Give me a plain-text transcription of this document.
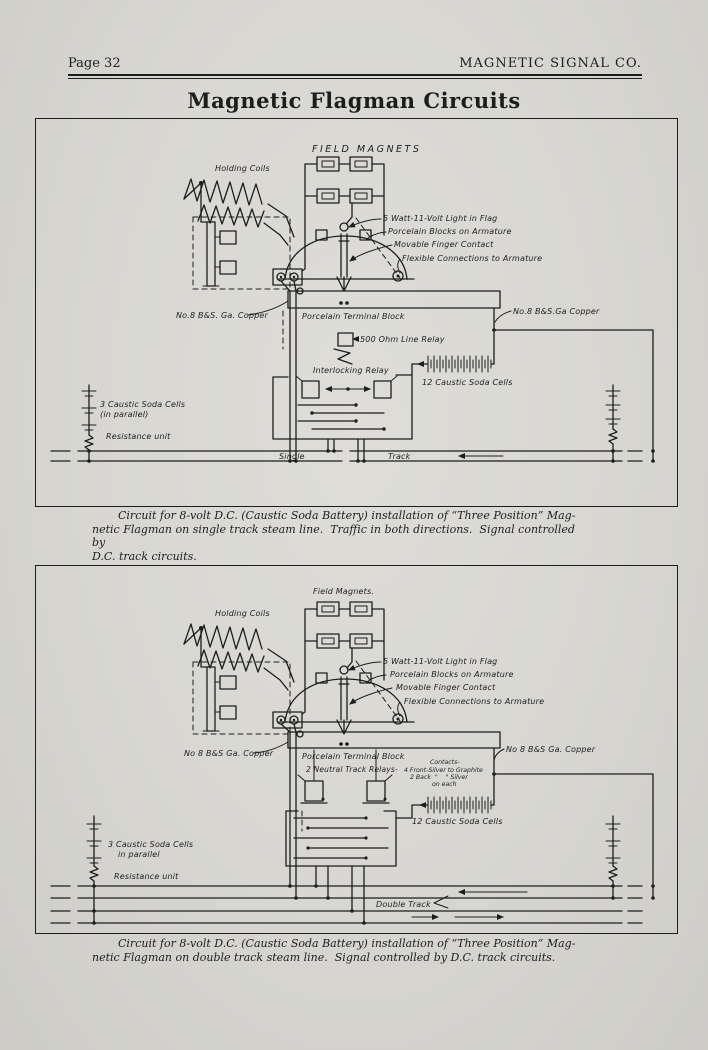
Page 32	MAGNETIC SIGNAL CO.
Magnetic Flagman Circuits
FIELD MAGNETS
Holding Coils
5 Watt-11-Volt Light in Flag
Porcelain Blocks on Armature
Movable Finger Contact
Flexible Connections to Armature
Porcelain Terminal Block
No.8 B&S. Ga. Copper	No.8 B&S.Ga Copper
500 Ohm Line Relay
Interlocking Relay
12 Caustic Soda Cells
3 Caustic Soda Cells
(in parallel)
Resistance unit
Single	Track
Circuit for 8-volt D.C. (Caustic Soda Battery) installation of “Three Position” Mag-
netic Flagman on single track steam line.  Traffic in both directions.  Signal controlled by
D.C. track circuits.
Field Magnets.
Holding Coils
5 Watt-11-Volt Light in Flag
Porcelain Blocks on Armature
Movable Finger Contact
Flexible Connections to Armature
Porcelain Terminal Block
No 8 B&S Ga. Copper	No 8 B&S Ga. Copper
2 Neutral Track Relays-
Contacts-
4 Front-Silver to Graphite
2 Back  "    " Silver
on each
12 Caustic Soda Cells
3 Caustic Soda Cells
in parallel
Resistance unit
Double Track
Circuit for 8-volt D.C. (Caustic Soda Battery) installation of “Three Position” Mag-
netic Flagman on double track steam line.  Signal controlled by D.C. track circuits.
